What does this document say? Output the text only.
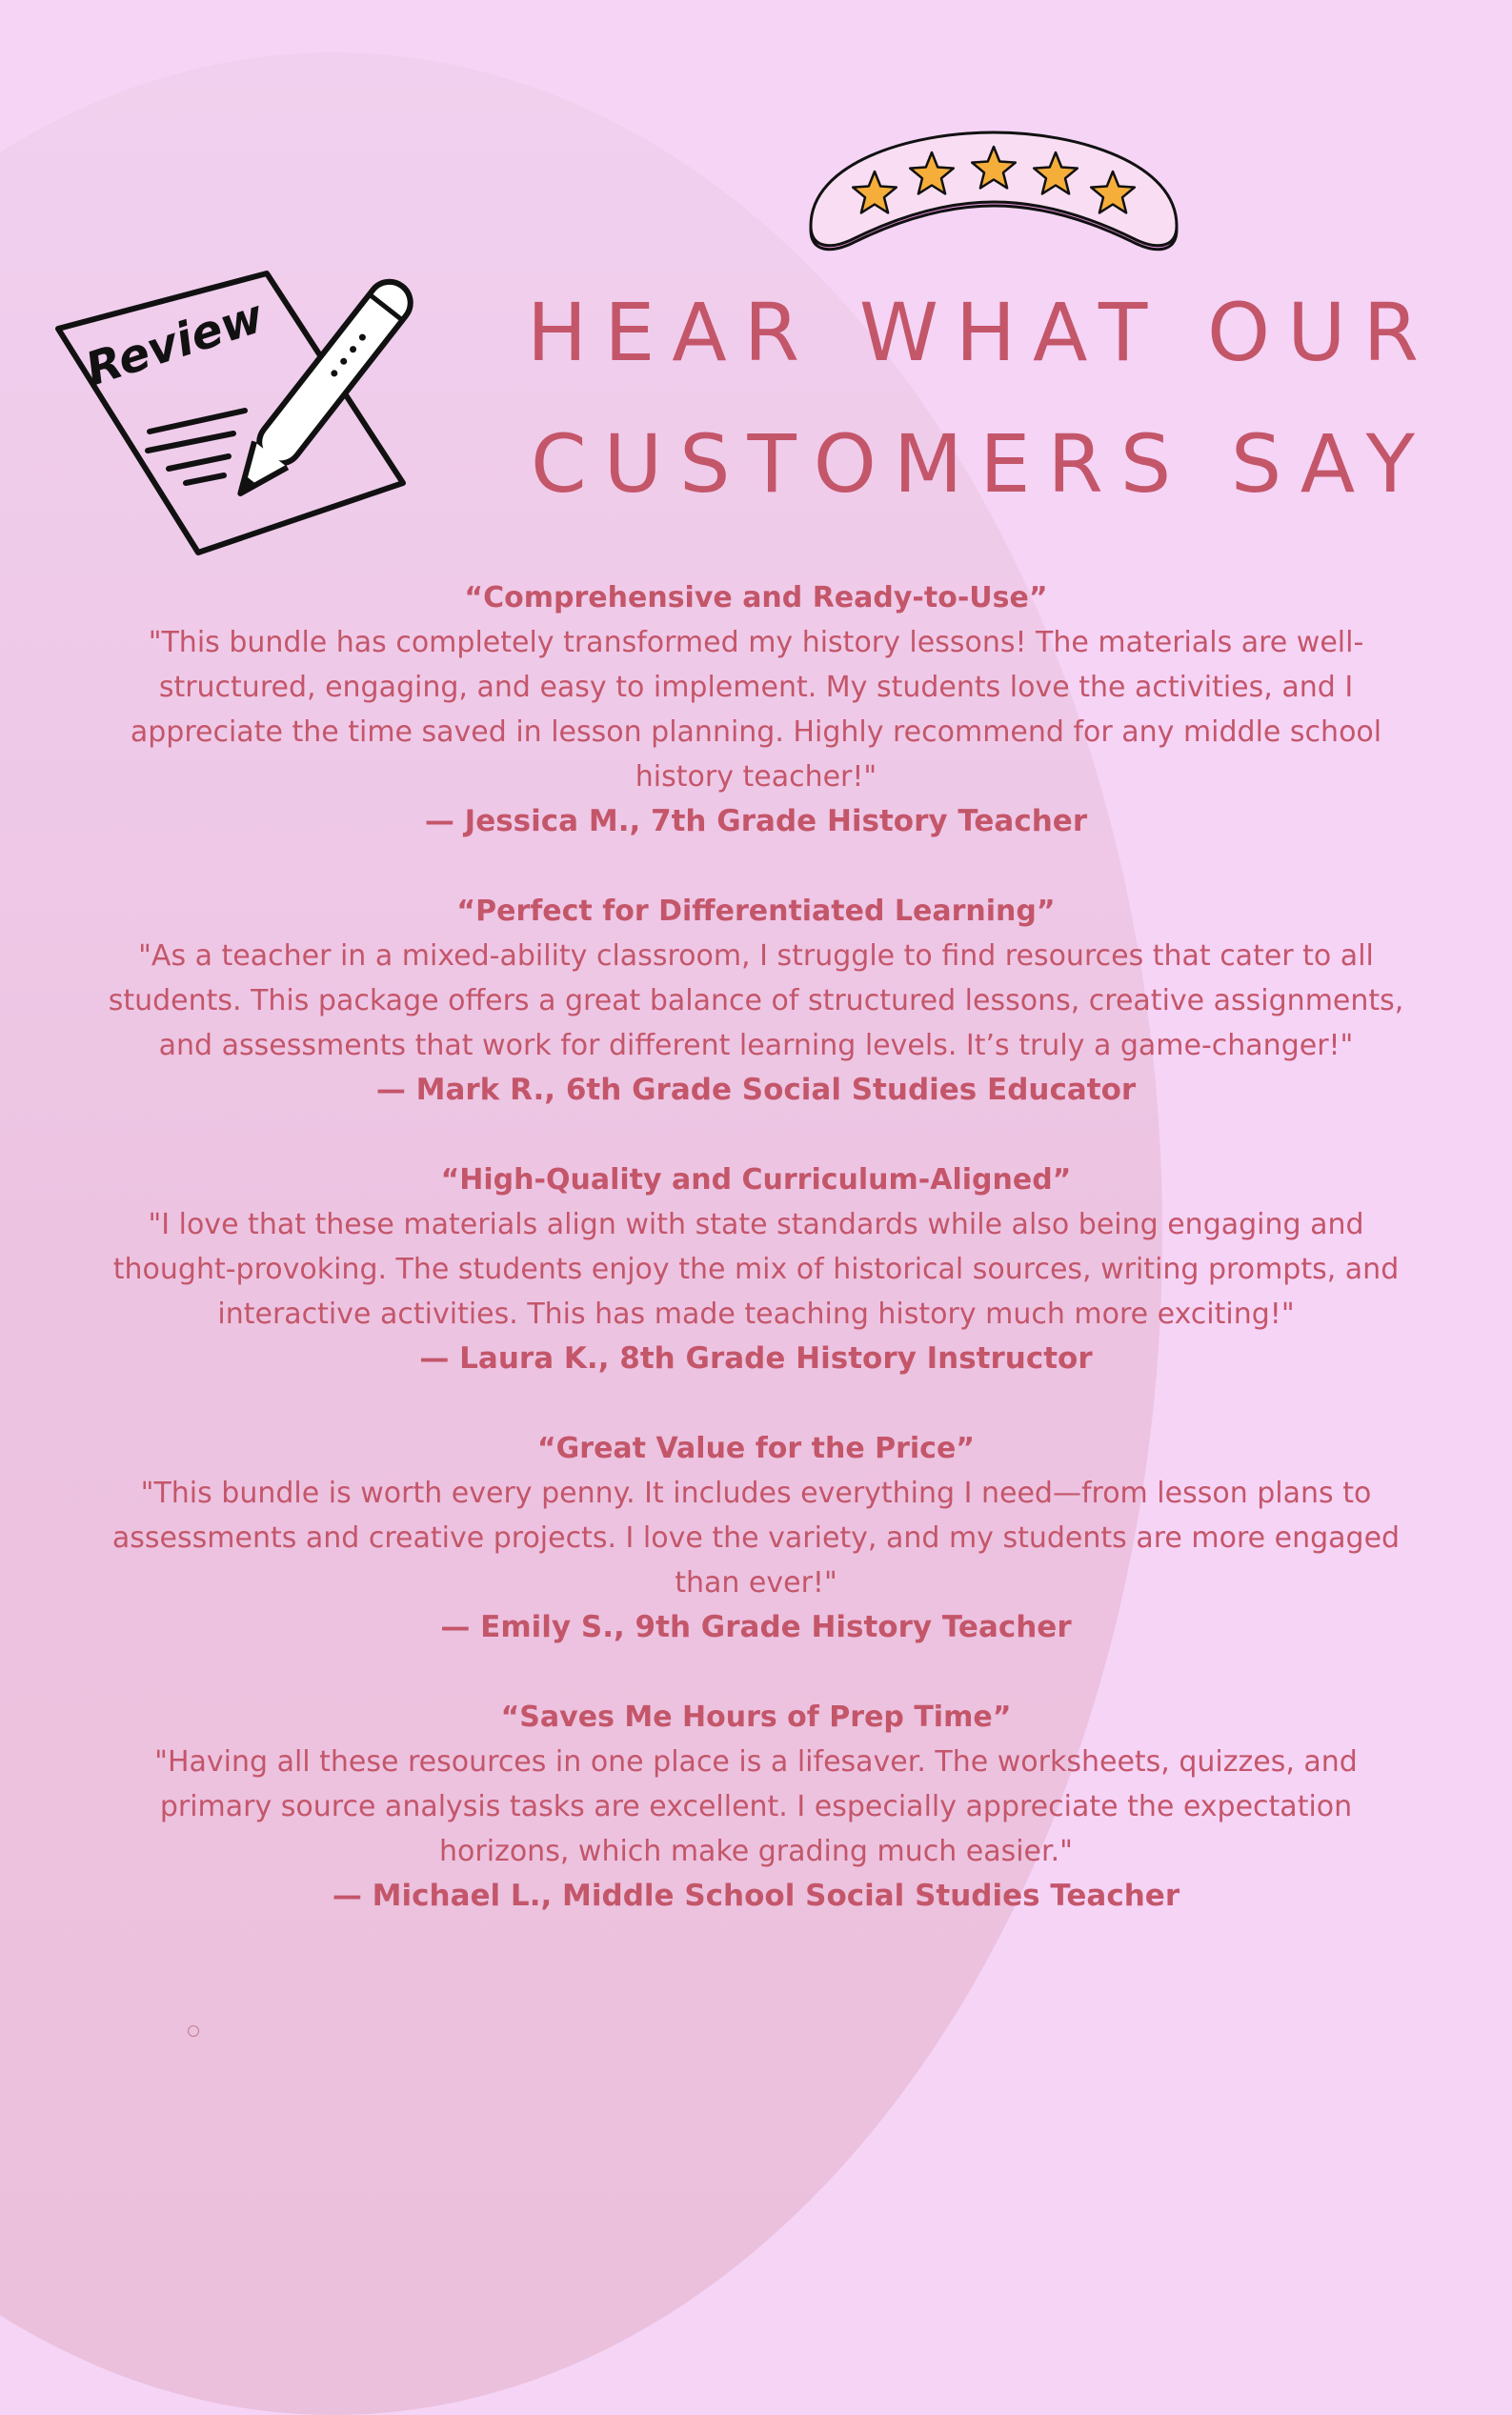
Review	HEAR WHAT OUR
CUSTOMERS SAY
“Comprehensive and Ready-to-Use”
"This bundle has completely transformed my history lessons! The materials are well-structured, engaging, and easy to implement. My students love the activities, and I appreciate the time saved in lesson planning. Highly recommend for any middle school history teacher!"
— Jessica M., 7th Grade History Teacher
“Perfect for Differentiated Learning”
"As a teacher in a mixed-ability classroom, I struggle to find resources that cater to all students. This package offers a great balance of structured lessons, creative assignments, and assessments that work for different learning levels. It’s truly a game-changer!"
— Mark R., 6th Grade Social Studies Educator
“High-Quality and Curriculum-Aligned”
"I love that these materials align with state standards while also being engaging and thought-provoking. The students enjoy the mix of historical sources, writing prompts, and interactive activities. This has made teaching history much more exciting!"
— Laura K., 8th Grade History Instructor
“Great Value for the Price”
"This bundle is worth every penny. It includes everything I need—from lesson plans to assessments and creative projects. I love the variety, and my students are more engaged than ever!"
— Emily S., 9th Grade History Teacher
“Saves Me Hours of Prep Time”
"Having all these resources in one place is a lifesaver. The worksheets, quizzes, and primary source analysis tasks are excellent. I especially appreciate the expectation horizons, which make grading much easier."
— Michael L., Middle School Social Studies Teacher
